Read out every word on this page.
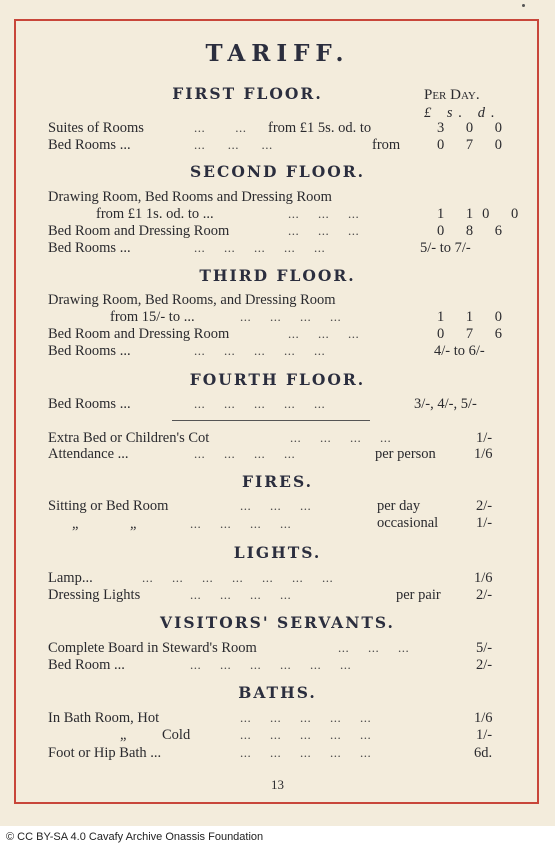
TARIFF.
FIRST FLOOR.	Per Day.
£ s. d.
Suites of Rooms	...        ... from £1 5s. od. to	3 0 0
Bed Rooms ...	...      ...      ...	from	0 7 0
SECOND FLOOR.
Drawing Room, Bed Rooms and Dressing Room
from £1 1s. od. to ...	...     ...     ...	1 10 0
Bed Room and Dressing Room	...     ...     ...	0 8 6
Bed Rooms ...	...     ...     ...     ...     ...	5/- to 7/-
THIRD FLOOR.
Drawing Room, Bed Rooms, and Dressing Room
from 15/- to ...	...     ...     ...     ...	1 1 0
Bed Room and Dressing Room	...     ...     ...	0 7 6
Bed Rooms ...	...     ...     ...     ...     ...	4/- to 6/-
FOURTH FLOOR.
Bed Rooms ...	...     ...     ...     ...     ...	3/-, 4/-, 5/-
Extra Bed or Children's Cot	...     ...     ...     ...	1/-
Attendance ...	...     ...     ...     ...	per person	1/6
FIRES.
Sitting or Bed Room	...     ...     ...	per day	2/-
„ „	...     ...     ...     ...	occasional	1/-
LIGHTS.
Lamp...	...     ...     ...     ...     ...     ...     ...	1/6
Dressing Lights	...     ...     ...     ...	per pair 2/-
VISITORS' SERVANTS.
Complete Board in Steward's Room	...     ...     ...	5/-
Bed Room ...	...     ...     ...     ...     ...     ...	2/-
BATHS.
In Bath Room, Hot	...     ...     ...     ...     ...	1/6
„ Cold	...     ...     ...     ...     ...	1/-
Foot or Hip Bath ...	...     ...     ...     ...     ...	6d.
13
© CC BY-SA 4.0 Cavafy Archive Onassis Foundation
